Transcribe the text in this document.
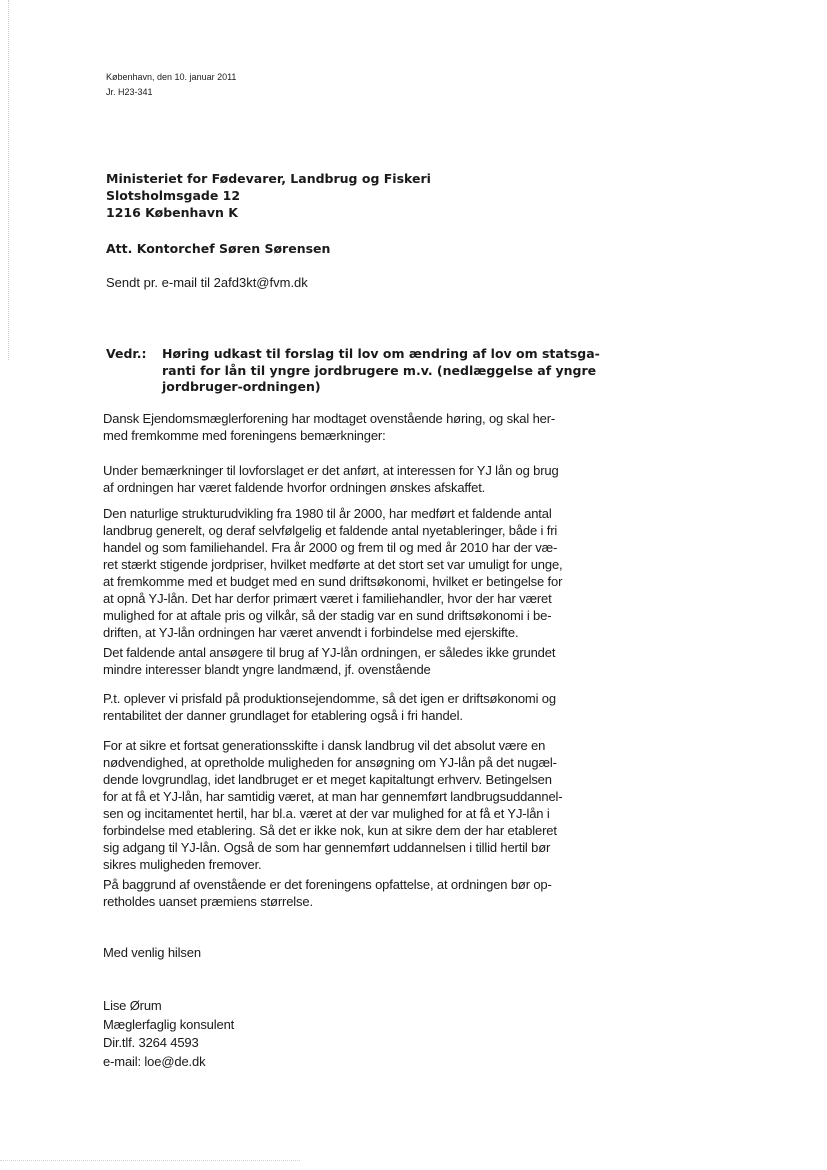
København, den 10. januar 2011
Jr. H23-341
Ministeriet for Fødevarer, Landbrug og Fiskeri
Slotsholmsgade 12
1216 København K
Att. Kontorchef Søren Sørensen
Sendt pr. e-mail til 2afd3kt@fvm.dk
Vedr.: Høring udkast til forslag til lov om ændring af lov om statsga-
ranti for lån til yngre jordbrugere m.v. (nedlæggelse af yngre
jordbruger-ordningen)
Dansk Ejendomsmæglerforening har modtaget ovenstående høring, og skal her-
med fremkomme med foreningens bemærkninger:
Under bemærkninger til lovforslaget er det anført, at interessen for YJ lån og brug
af ordningen har været faldende hvorfor ordningen ønskes afskaffet.
Den naturlige strukturudvikling fra 1980 til år 2000, har medført et faldende antal
landbrug generelt, og deraf selvfølgelig et faldende antal nyetableringer, både i fri
handel og som familiehandel. Fra år 2000 og frem til og med år 2010 har der væ-
ret stærkt stigende jordpriser, hvilket medførte at det stort set var umuligt for unge,
at fremkomme med et budget med en sund driftsøkonomi, hvilket er betingelse for
at opnå YJ-lån. Det har derfor primært været i familiehandler, hvor der har været
mulighed for at aftale pris og vilkår, så der stadig var en sund driftsøkonomi i be-
driften, at YJ-lån ordningen har været anvendt i forbindelse med ejerskifte.
Det faldende antal ansøgere til brug af YJ-lån ordningen, er således ikke grundet
mindre interesser blandt yngre landmænd, jf. ovenstående
P.t. oplever vi prisfald på produktionsejendomme, så det igen er driftsøkonomi og
rentabilitet der danner grundlaget for etablering også i fri handel.
For at sikre et fortsat generationsskifte i dansk landbrug vil det absolut være en
nødvendighed, at opretholde muligheden for ansøgning om YJ-lån på det nugæl-
dende lovgrundlag, idet landbruget er et meget kapitaltungt erhverv. Betingelsen
for at få et YJ-lån, har samtidig været, at man har gennemført landbrugsuddannel-
sen og incitamentet hertil, har bl.a. været at der var mulighed for at få et YJ-lån i
forbindelse med etablering. Så det er ikke nok, kun at sikre dem der har etableret
sig adgang til YJ-lån. Også de som har gennemført uddannelsen i tillid hertil bør
sikres muligheden fremover.
På baggrund af ovenstående er det foreningens opfattelse, at ordningen bør op-
retholdes uanset præmiens størrelse.
Med venlig hilsen
Lise Ørum
Mæglerfaglig konsulent
Dir.tlf. 3264 4593
e-mail: loe@de.dk
